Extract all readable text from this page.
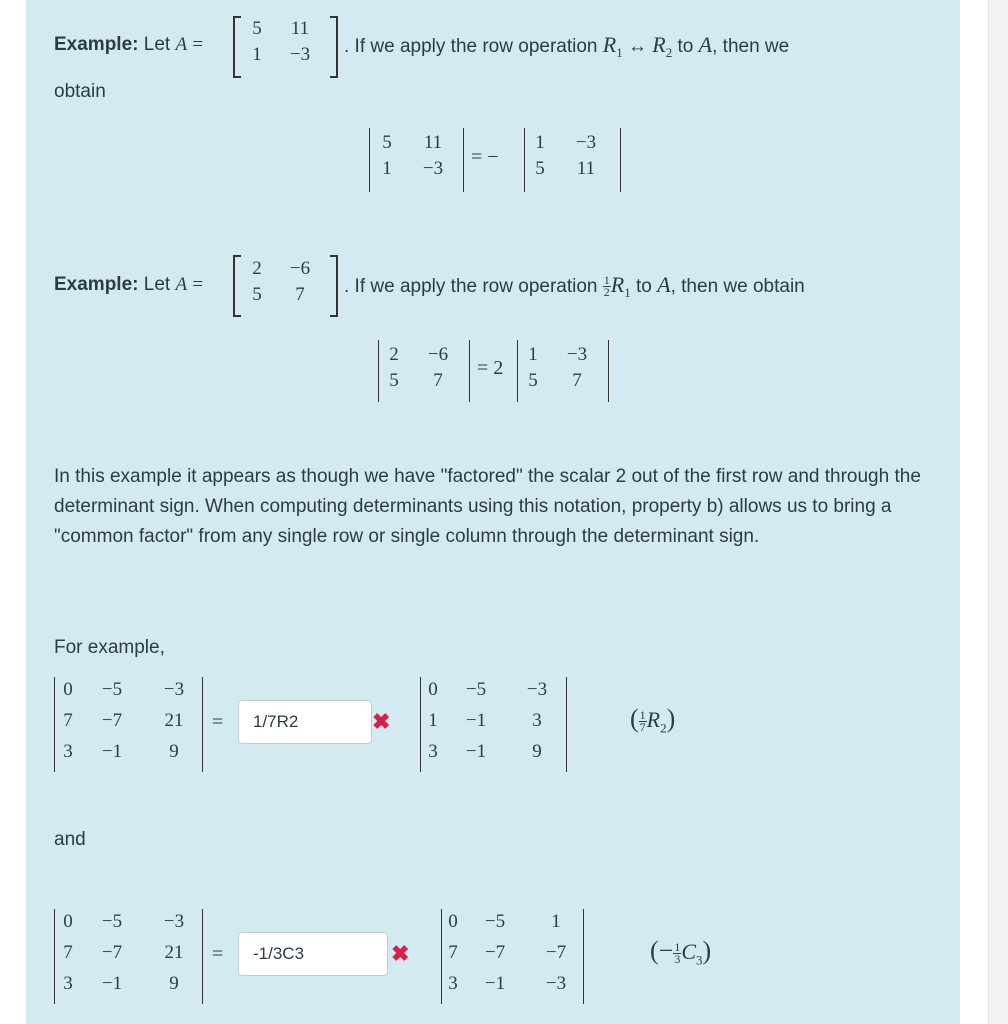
Example: Let A =
5	11
1	−3	. If we apply the row operation $R_1$ ↔ $R_2$ to A, then we
obtain
5	11
1	−3
= −
1	−3
5	11
Example: Let A =
2	−6
5	7	. If we apply the row operation $\frac{1}{2} R_1$ to A, then we obtain
2	−6
5	7
= 2
1	−3
5	7
In this example it appears as though we have "factored" the scalar 2 out of the first row and through the determinant sign. When computing determinants using this notation, property b) allows us to bring a "common factor" from any single row or single column through the determinant sign.
For example,
0	−5	−3
7	−7	21
3	−1	9
=	1/7R2	✖
0	−5	−3
1	−1	3
3	−1	9
( $\frac{1}{7} R_2$)
and
0	−5	−3
7	−7	21
3	−1	9
=	-1/3C3	✖
0	−5	1
7	−7	−7
3	−1	−3
(− $\frac{1}{3} C_3$)
